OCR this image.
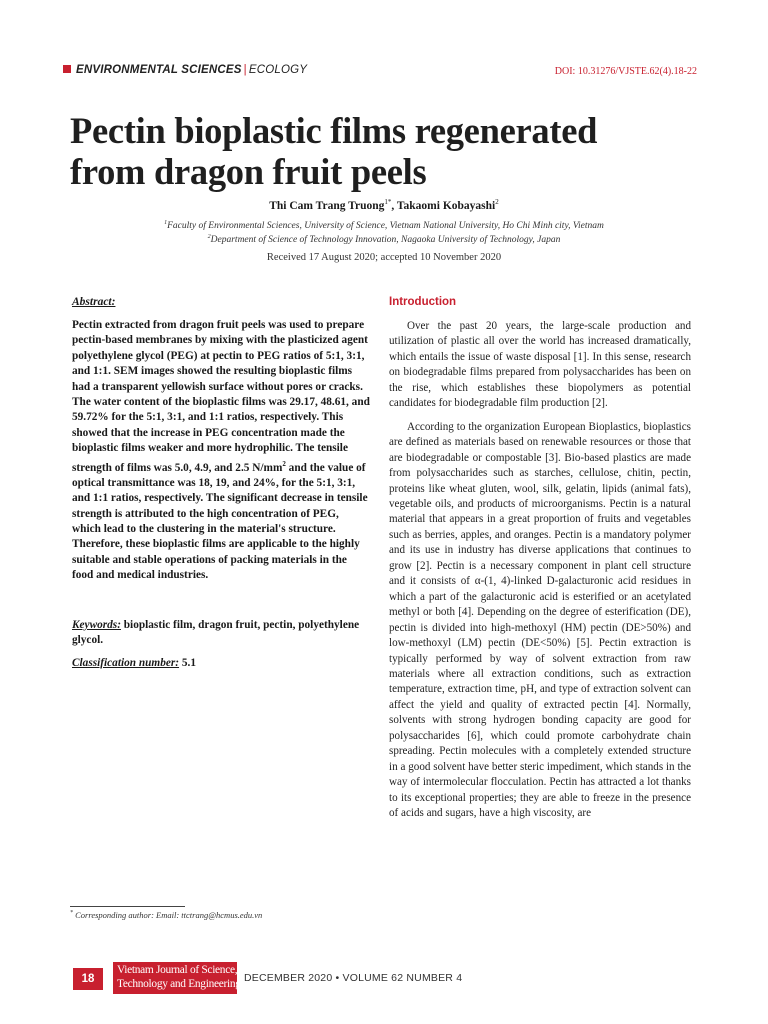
ENVIRONMENTAL SCIENCES | ECOLOGY	DOI: 10.31276/VJSTE.62(4).18-22
Pectin bioplastic films regenerated
from dragon fruit peels
Thi Cam Trang Truong$^{1*}$, Takaomi Kobayashi$^2$
$^1$Faculty of Environmental Sciences, University of Science, Vietnam National University, Ho Chi Minh city, Vietnam
$^2$Department of Science of Technology Innovation, Nagaoka University of Technology, Japan
Received 17 August 2020; accepted 10 November 2020
Abstract:
Pectin extracted from dragon fruit peels was used to prepare pectin-based membranes by mixing with the plasticized agent polyethylene glycol (PEG) at pectin to PEG ratios of 5:1, 3:1, and 1:1. SEM images showed the resulting bioplastic films had a transparent yellowish surface without pores or cracks. The water content of the bioplastic films was 29.17, 48.61, and 59.72% for the 5:1, 3:1, and 1:1 ratios, respectively. This showed that the increase in PEG concentration made the bioplastic films weaker and more hydrophilic. The tensile strength of films was 5.0, 4.9, and 2.5 $N/mm^2$ and the value of optical transmittance was 18, 19, and 24%, for the 5:1, 3:1, and 1:1 ratios, respectively. The significant decrease in tensile strength is attributed to the high concentration of PEG, which lead to the clustering in the material's structure. Therefore, these bioplastic films are applicable to the highly suitable and stable operations of packing materials in the food and medical industries.
Keywords: bioplastic film, dragon fruit, pectin, polyethylene glycol.
Classification number: 5.1
Introduction

Over the past 20 years, the large-scale production and utilization of plastic all over the world has increased dramatically, which entails the issue of waste disposal [1]. In this sense, research on biodegradable films prepared from polysaccharides has been on the rise, which establishes these biopolymers as potential candidates for biodegradable film production [2].

According to the organization European Bioplastics, bioplastics are defined as materials based on renewable resources or those that are biodegradable or compostable [3]. Bio-based plastics are made from polysaccharides such as starches, cellulose, chitin, pectin, proteins like wheat gluten, wool, silk, gelatin, lipids (animal fats), vegetable oils, and products of microorganisms. Pectin is a natural material that appears in a great proportion of fruits and vegetables such as berries, apples, and oranges. Pectin is a mandatory polymer and its use in industry has diverse applications that continues to grow [2]. Pectin is a necessary component in plant cell structure and it consists of α-(1, 4)-linked D-galacturonic acid residues in which a part of the galacturonic acid is esterified or an acetylated methyl or both [4]. Depending on the degree of esterification (DE), pectin is divided into high-methoxyl (HM) pectin (DE>50%) and low-methoxyl (LM) pectin (DE<50%) [5]. Pectin extraction is typically performed by way of solvent extraction from raw materials where all extraction conditions, such as extraction temperature, extraction time, pH, and type of extraction solvent can affect the yield and quality of extracted pectin [4]. Normally, solvents with strong hydrogen bonding capacity are good for polysaccharides [6], which could promote carbohydrate chain spreading. Pectin molecules with a completely extended structure in a good solvent have better steric impediment, which stands in the way of intermolecular flocculation. Pectin has attracted a lot thanks to its exceptional properties; they are able to freeze in the presence of acids and sugars, have a high viscosity, are

* Corresponding author: Email: ttctrang@hcmus.edu.vn
18
Vietnam Journal of Science,
Technology and Engineering DECEMBER 2020 • VOLUME 62 NUMBER 4
